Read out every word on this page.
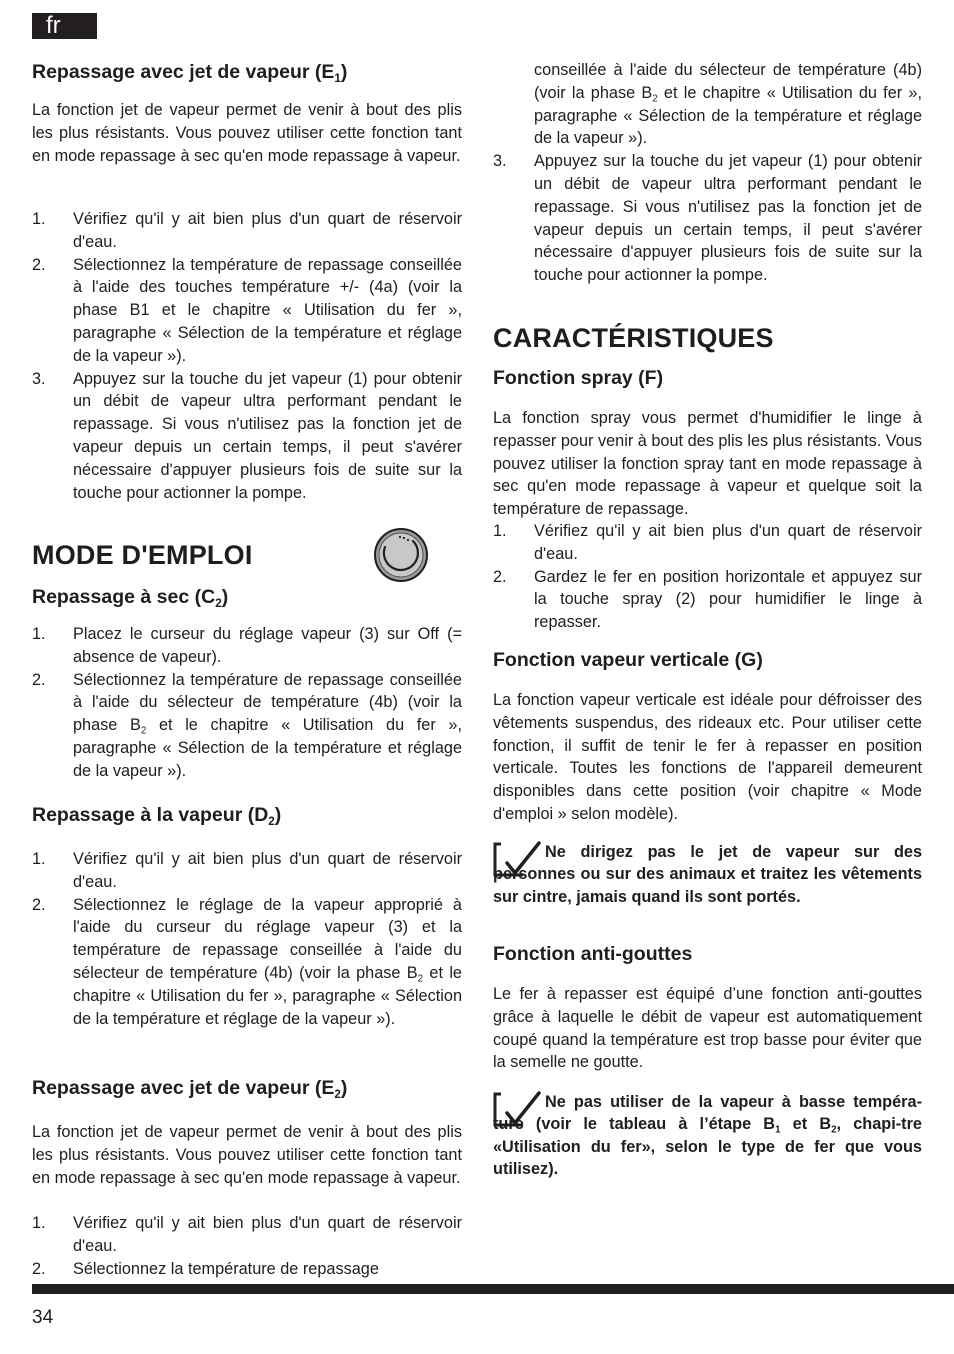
fr
Repassage avec jet de vapeur $(E_1)$

La fonction jet de vapeur permet de venir à bout des plis les plus résistants. Vous pouvez utiliser cette fonction tant en mode repassage à sec qu'en mode repassage à vapeur.

1.	Vérifiez qu'il y ait bien plus d'un quart de réservoir d'eau.
2.	Sélectionnez la température de repassage conseillée à l'aide des touches température +/- (4a) (voir la phase B1 et le chapitre « Utilisation du fer », paragraphe « Sélection de la température et réglage de la vapeur »).
3.	Appuyez sur la touche du jet vapeur (1) pour obtenir un débit de vapeur ultra performant pendant le repassage. Si vous n'utilisez pas la fonction jet de vapeur depuis un certain temps, il peut s'avérer nécessaire d'appuyer plusieurs fois de suite sur la touche pour actionner la pompe.
MODE D'EMPLOI
Repassage à $\sec (C_2)$
1.	Placez le curseur du réglage vapeur (3) sur Off (= absence de vapeur).
2.	Sélectionnez la température de repassage conseillée à l'aide du sélecteur de température (4b) (voir la phase $B_2$ et le chapitre « Utilisation du fer », paragraphe « Sélection de la température et réglage de la vapeur »).
Repassage à la vapeur $(D_2)$
1.	Vérifiez qu'il y ait bien plus d'un quart de réservoir d'eau.
2.	Sélectionnez le réglage de la vapeur approprié à l'aide du curseur du réglage vapeur (3) et la température de repassage conseillée à l'aide du sélecteur de température (4b) (voir la phase $B_2$ et le chapitre « Utilisation du fer », paragraphe « Sélection de la température et réglage de la vapeur »).
Repassage avec jet de vapeur $(E_2)$

La fonction jet de vapeur permet de venir à bout des plis les plus résistants. Vous pouvez utiliser cette fonction tant en mode repassage à sec qu'en mode repassage à vapeur.

1.	Vérifiez qu'il y ait bien plus d'un quart de réservoir d'eau.
2.	Sélectionnez la température de repassage
conseillée à l'aide du sélecteur de température (4b) (voir la phase $B_2$ et le chapitre « Utilisation du fer », paragraphe « Sélection de la température et réglage de la vapeur »).
3.	Appuyez sur la touche du jet vapeur (1) pour obtenir un débit de vapeur ultra performant pendant le repassage. Si vous n'utilisez pas la fonction jet de vapeur depuis un certain temps, il peut s'avérer nécessaire d'appuyer plusieurs fois de suite sur la touche pour actionner la pompe.
CARACTÉRISTIQUES
Fonction spray (F)

La fonction spray vous permet d'humidifier le linge à repasser pour venir à bout des plis les plus résistants. Vous pouvez utiliser la fonction spray tant en mode repassage à sec qu'en mode repassage à vapeur et quelque soit la température de repassage.

1.	Vérifiez qu'il y ait bien plus d'un quart de réservoir d'eau.
2.	Gardez le fer en position horizontale et appuyez sur la touche spray (2) pour humidifier le linge à repasser.
Fonction vapeur verticale (G)

La fonction vapeur verticale est idéale pour défroisser des vêtements suspendus, des rideaux etc. Pour utiliser cette fonction, il suffit de tenir le fer à repasser en position verticale. Toutes les fonctions de l'appareil demeurent disponibles dans cette position (voir chapitre « Mode d'emploi » selon modèle).

Ne dirigez pas le jet de vapeur sur des personnes ou sur des animaux et traitez les vêtements sur cintre, jamais quand ils sont portés.

Fonction anti-gouttes

Le fer à repasser est équipé d’une fonction anti-gouttes grâce à laquelle le débit de vapeur est automatiquement coupé quand la température est trop basse pour éviter que la semelle ne goutte.

Ne pas utiliser de la vapeur à basse tempéra-ture (voir le tableau à l’étape $B_1$ et $B_2$, chapi-tre «Utilisation du fer», selon le type de fer que vous utilisez).

34
